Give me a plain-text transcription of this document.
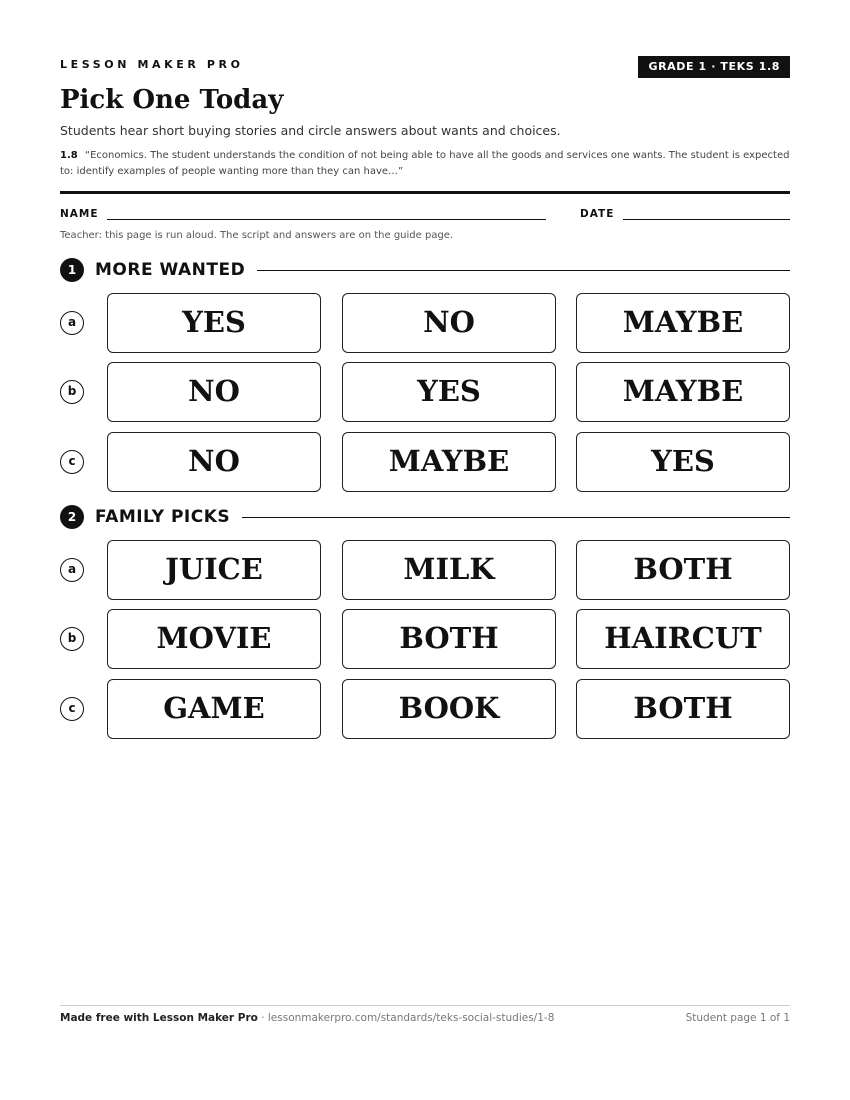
LESSON MAKER PRO	GRADE 1 · TEKS 1.8
Pick One Today
Students hear short buying stories and circle answers about wants and choices.
1.8 “Economics. The student understands the condition of not being able to have all the goods and services one wants. The student is expected to: identify examples of people wanting more than they can have…”
NAME	DATE
Teacher: this page is run aloud. The script and answers are on the guide page.
1	MORE WANTED
a	YES	NO	MAYBE
b	NO	YES	MAYBE
c	NO	MAYBE	YES
2	FAMILY PICKS
a	JUICE	MILK	BOTH
b	MOVIE	BOTH	HAIRCUT
c	GAME	BOOK	BOTH
Made free with Lesson Maker Pro · lessonmakerpro.com/standards/teks-social-studies/1-8	Student page 1 of 1
